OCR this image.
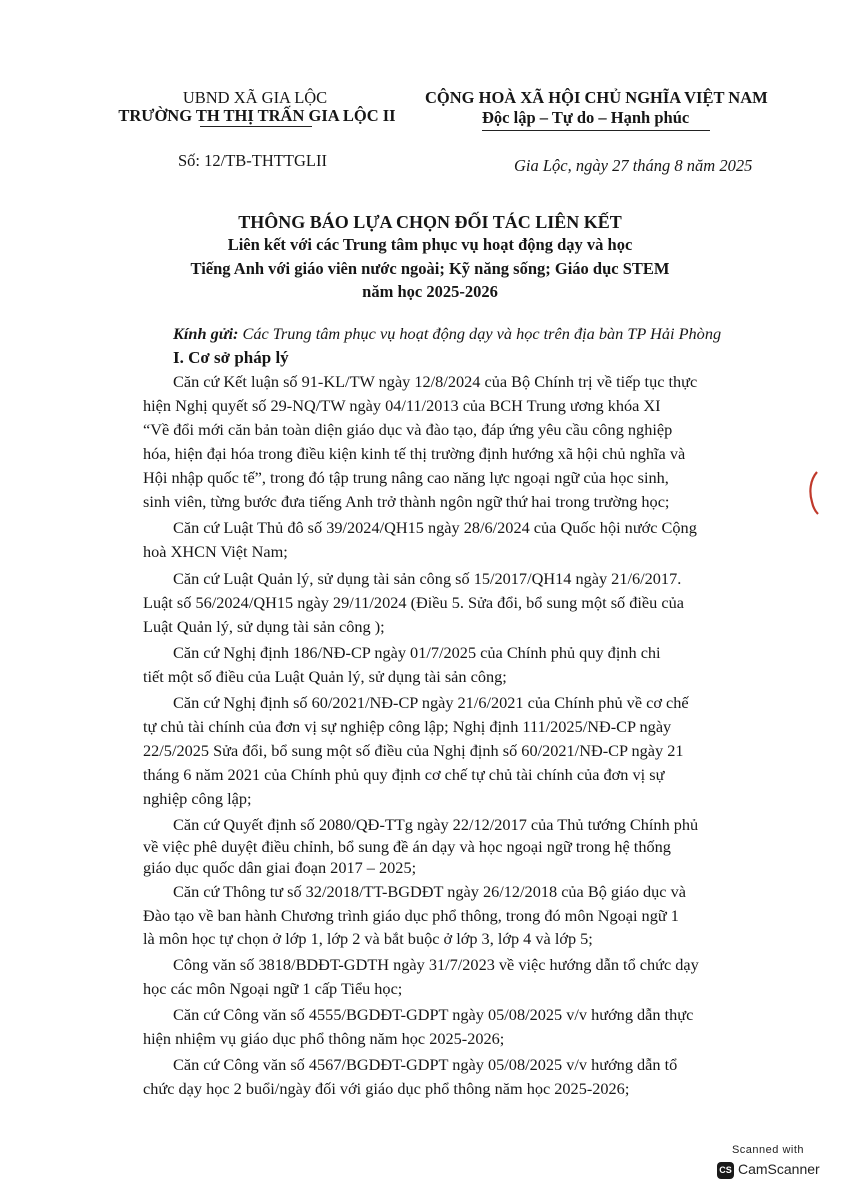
UBND XÃ GIA LỘC
TRƯỜNG TH THỊ TRẤN GIA LỘC II
CỘNG HOÀ XÃ HỘI CHỦ NGHĨA VIỆT NAM
Độc lập – Tự do – Hạnh phúc
Số: 12/TB-THTTGLII	Gia Lộc, ngày 27 tháng 8 năm 2025
THÔNG BÁO LỰA CHỌN ĐỐI TÁC LIÊN KẾT
Liên kết với các Trung tâm phục vụ hoạt động dạy và học
Tiếng Anh với giáo viên nước ngoài; Kỹ năng sống; Giáo dục STEM
năm học 2025-2026
Kính gửi: Các Trung tâm phục vụ hoạt động dạy và học trên địa bàn TP Hải Phòng
I. Cơ sở pháp lý
Căn cứ Kết luận số 91-KL/TW ngày 12/8/2024 của Bộ Chính trị về tiếp tục thực
hiện Nghị quyết số 29-NQ/TW ngày 04/11/2013 của BCH Trung ương khóa XI
“Về đổi mới căn bản toàn diện giáo dục và đào tạo, đáp ứng yêu cầu công nghiệp
hóa, hiện đại hóa trong điều kiện kinh tế thị trường định hướng xã hội chủ nghĩa và
Hội nhập quốc tế”, trong đó tập trung nâng cao năng lực ngoại ngữ của học sinh,
sinh viên, từng bước đưa tiếng Anh trở thành ngôn ngữ thứ hai trong trường học;
Căn cứ Luật Thủ đô số 39/2024/QH15 ngày 28/6/2024 của Quốc hội nước Cộng
hoà XHCN Việt Nam;
Căn cứ Luật Quản lý, sử dụng tài sản công số 15/2017/QH14 ngày 21/6/2017.
Luật số 56/2024/QH15 ngày 29/11/2024 (Điều 5. Sửa đổi, bổ sung một số điều của
Luật Quản lý, sử dụng tài sản công );
Căn cứ Nghị định 186/NĐ-CP ngày 01/7/2025 của Chính phủ quy định chi
tiết một số điều của Luật Quản lý, sử dụng tài sản công;
Căn cứ Nghị định số 60/2021/NĐ-CP ngày 21/6/2021 của Chính phủ về cơ chế
tự chủ tài chính của đơn vị sự nghiệp công lập; Nghị định 111/2025/NĐ-CP ngày
22/5/2025 Sửa đổi, bổ sung một số điều của Nghị định số 60/2021/NĐ-CP ngày 21
tháng 6 năm 2021 của Chính phủ quy định cơ chế tự chủ tài chính của đơn vị sự
nghiệp công lập;
Căn cứ Quyết định số 2080/QĐ-TTg ngày 22/12/2017 của Thủ tướng Chính phủ
về việc phê duyệt điều chỉnh, bổ sung đề án dạy và học ngoại ngữ trong hệ thống
giáo dục quốc dân giai đoạn 2017 – 2025;
Căn cứ Thông tư số 32/2018/TT-BGDĐT ngày 26/12/2018 của Bộ giáo dục và
Đào tạo về ban hành Chương trình giáo dục phổ thông, trong đó môn Ngoại ngữ 1
là môn học tự chọn ở lớp 1, lớp 2 và bắt buộc ở lớp 3, lớp 4 và lớp 5;
Công văn số 3818/BDĐT-GDTH ngày 31/7/2023 về việc hướng dẫn tổ chức dạy
học các môn Ngoại ngữ 1 cấp Tiểu học;
Căn cứ Công văn số 4555/BGDĐT-GDPT ngày 05/08/2025 v/v hướng dẫn thực
hiện nhiệm vụ giáo dục phổ thông năm học 2025-2026;
Căn cứ Công văn số 4567/BGDĐT-GDPT ngày 05/08/2025 v/v hướng dẫn tổ
chức dạy học 2 buổi/ngày đối với giáo dục phổ thông năm học 2025-2026;
Scanned with
CS CamScanner
